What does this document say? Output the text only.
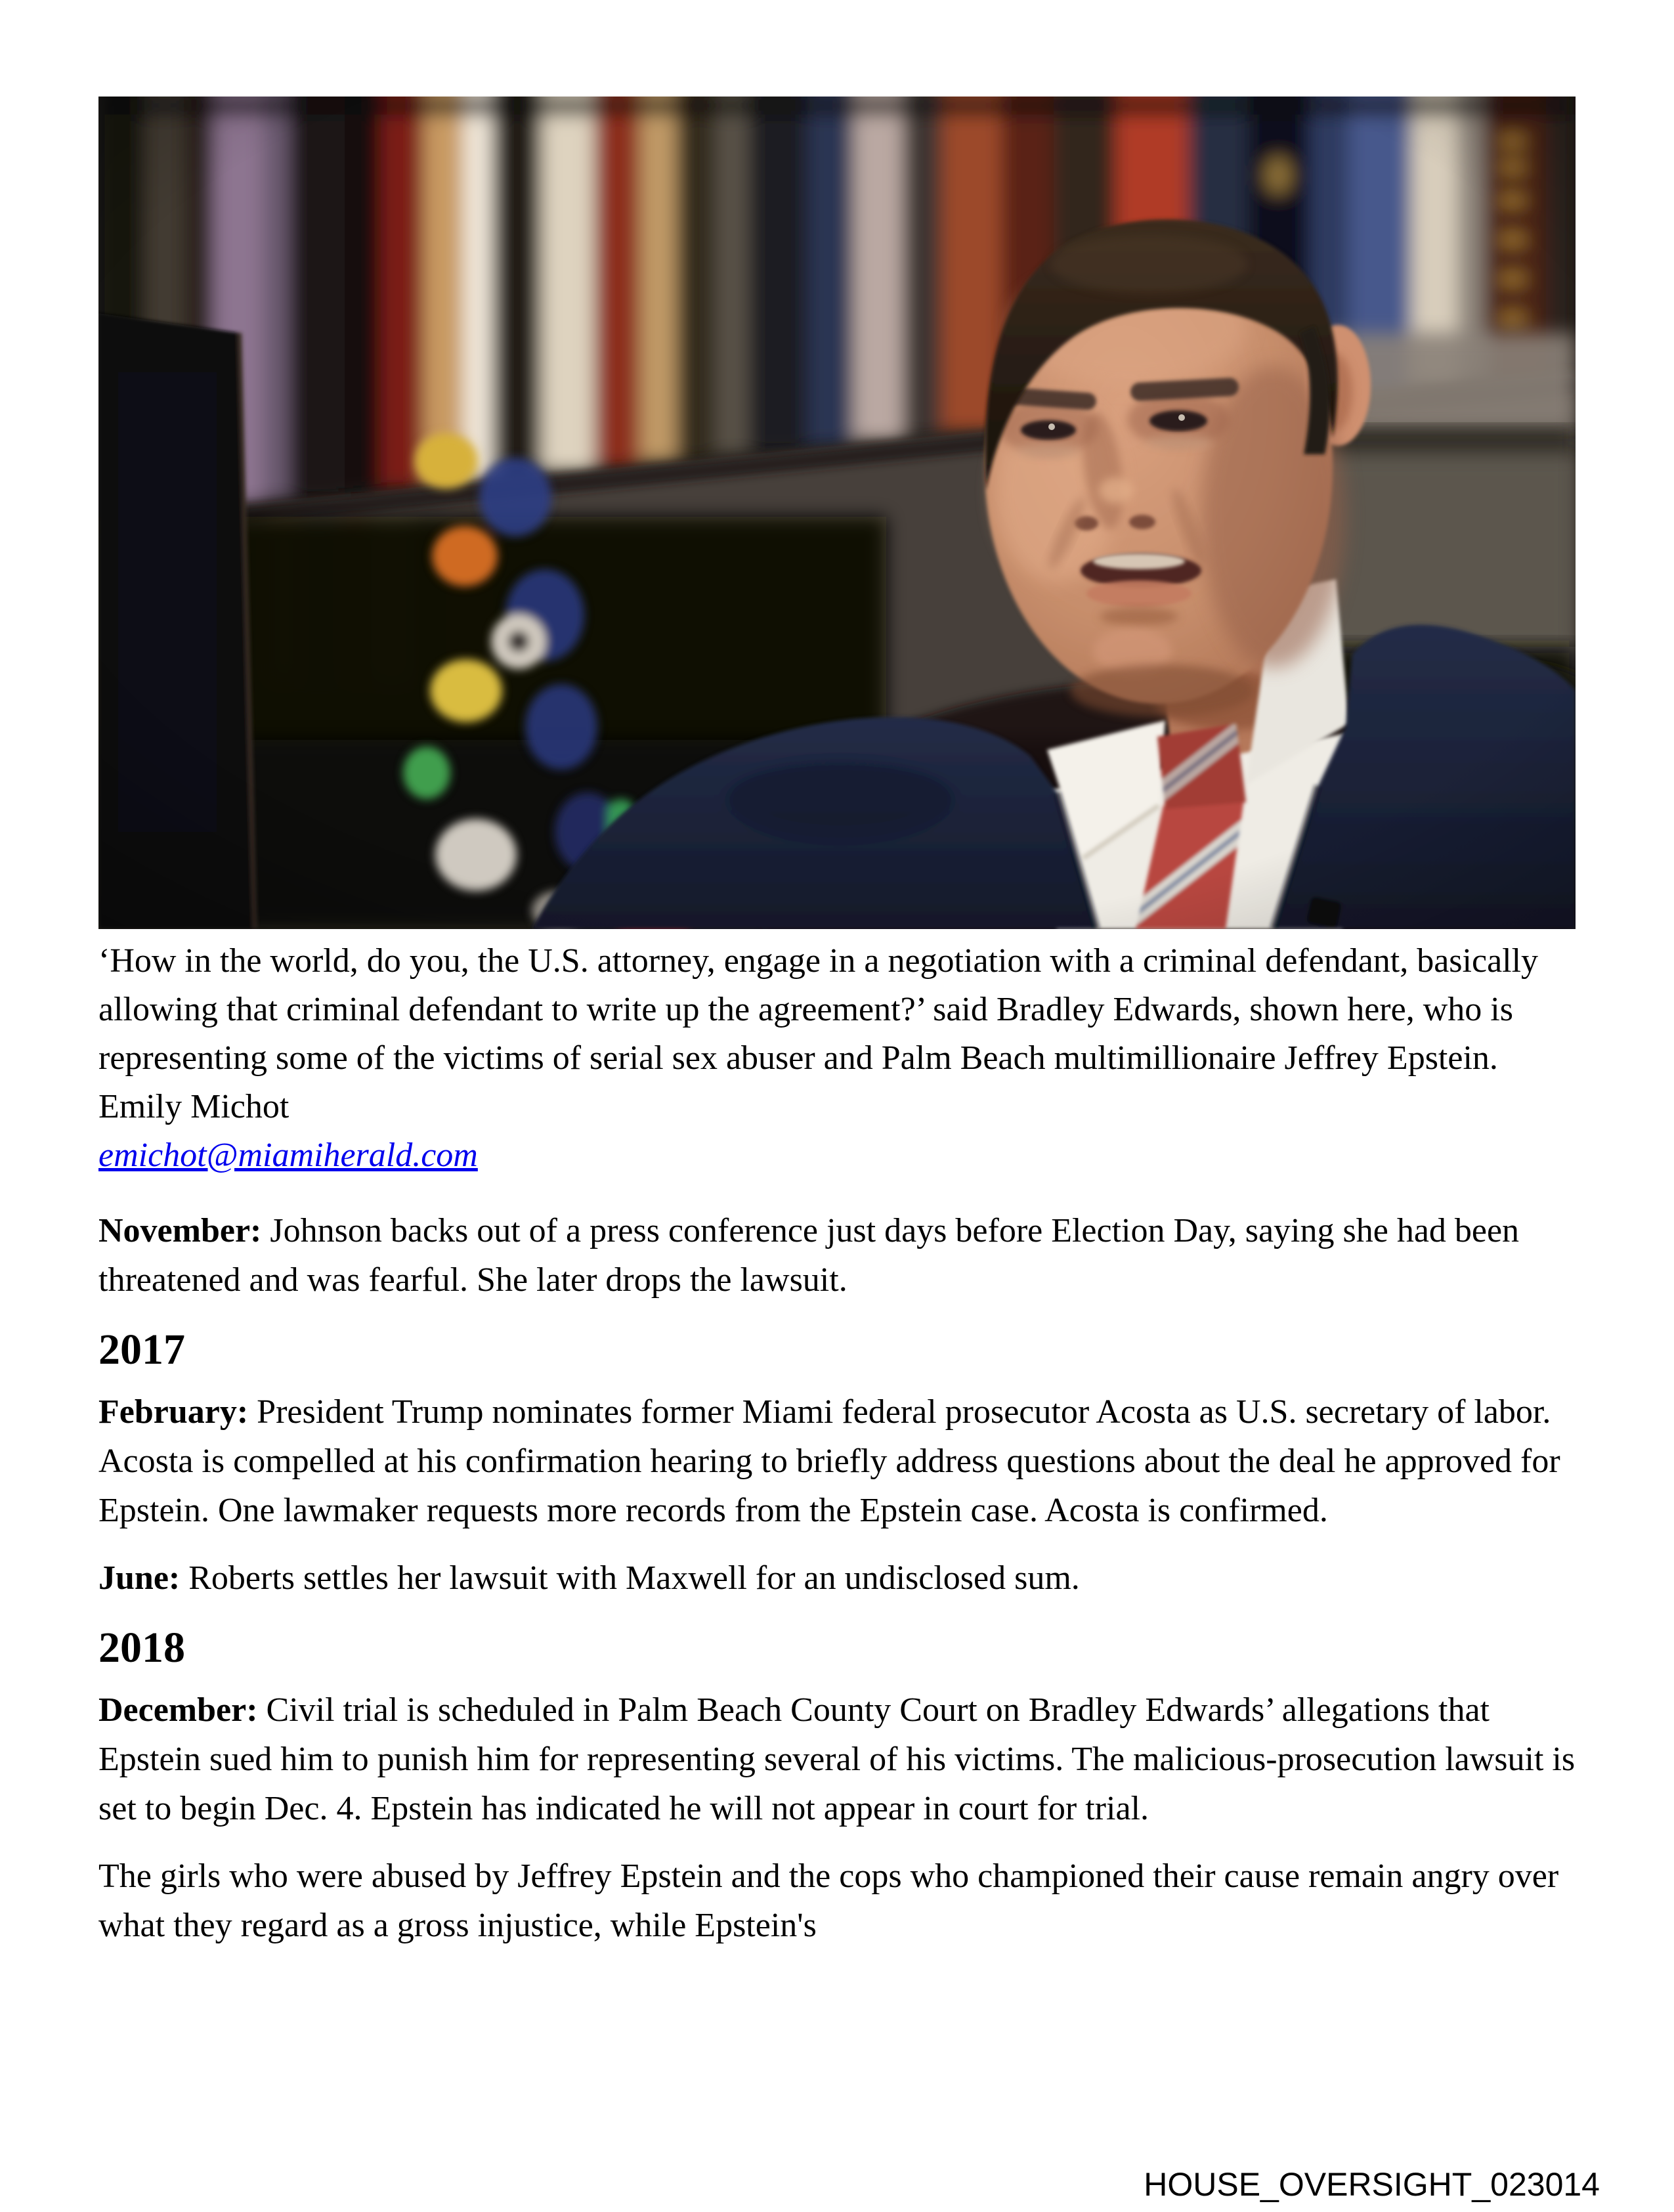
‘How in the world, do you, the U.S. attorney, engage in a negotiation with a criminal defendant, basically allowing that criminal defendant to write up the agreement?’ said Bradley Edwards, shown here, who is representing some of the victims of serial sex abuser and Palm Beach multimillionaire Jeffrey Epstein. Emily Michot
emichot@miamiherald.com

November: Johnson backs out of a press conference just days before Election Day, saying she had been threatened and was fearful. She later drops the lawsuit.

2017

February: President Trump nominates former Miami federal prosecutor Acosta as U.S. secretary of labor. Acosta is compelled at his confirmation hearing to briefly address questions about the deal he approved for Epstein. One lawmaker requests more records from the Epstein case. Acosta is confirmed.

June: Roberts settles her lawsuit with Maxwell for an undisclosed sum.

2018

December: Civil trial is scheduled in Palm Beach County Court on Bradley Edwards’ allegations that Epstein sued him to punish him for representing several of his victims. The malicious-prosecution lawsuit is set to begin Dec. 4. Epstein has indicated he will not appear in court for trial.

The girls who were abused by Jeffrey Epstein and the cops who championed their cause remain angry over what they regard as a gross injustice, while Epstein's

HOUSE_OVERSIGHT_023014
